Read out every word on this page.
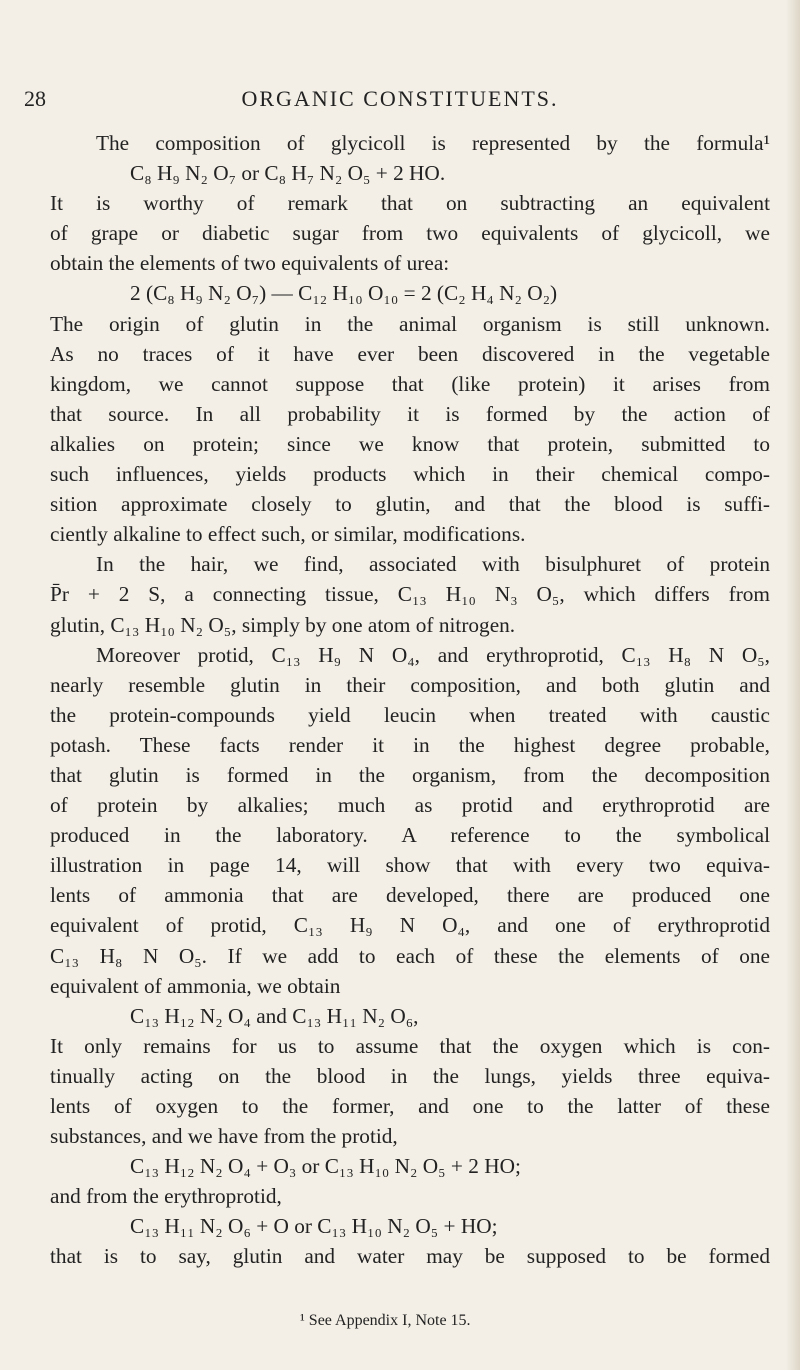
28	ORGANIC CONSTITUENTS.
The composition of glycicoll is represented by the formula¹
C₈ H₉ N₂ O₇ or C₈ H₇ N₂ O₅ + 2 HO.
It is worthy of remark that on subtracting an equivalent
of grape or diabetic sugar from two equivalents of glycicoll, we
obtain the elements of two equivalents of urea:
2 (C₈ H₉ N₂ O₇) — C₁₂ H₁₀ O₁₀ = 2 (C₂ H₄ N₂ O₂)
The origin of glutin in the animal organism is still unknown.
As no traces of it have ever been discovered in the vegetable
kingdom, we cannot suppose that (like protein) it arises from
that source. In all probability it is formed by the action of
alkalies on protein; since we know that protein, submitted to
such influences, yields products which in their chemical compo-
sition approximate closely to glutin, and that the blood is suffi-
ciently alkaline to effect such, or similar, modifications.
In the hair, we find, associated with bisulphuret of protein
P̄r + 2 S, a connecting tissue, C₁₃ H₁₀ N₃ O₅, which differs from
glutin, C₁₃ H₁₀ N₂ O₅, simply by one atom of nitrogen.
Moreover protid, C₁₃ H₉ N O₄, and erythroprotid, C₁₃ H₈ N O₅,
nearly resemble glutin in their composition, and both glutin and
the protein-compounds yield leucin when treated with caustic
potash. These facts render it in the highest degree probable,
that glutin is formed in the organism, from the decomposition
of protein by alkalies; much as protid and erythroprotid are
produced in the laboratory. A reference to the symbolical
illustration in page 14, will show that with every two equiva-
lents of ammonia that are developed, there are produced one
equivalent of protid, C₁₃ H₉ N O₄, and one of erythroprotid
C₁₃ H₈ N O₅. If we add to each of these the elements of one
equivalent of ammonia, we obtain
C₁₃ H₁₂ N₂ O₄ and C₁₃ H₁₁ N₂ O₆,
It only remains for us to assume that the oxygen which is con-
tinually acting on the blood in the lungs, yields three equiva-
lents of oxygen to the former, and one to the latter of these
substances, and we have from the protid,
C₁₃ H₁₂ N₂ O₄ + O₃ or C₁₃ H₁₀ N₂ O₅ + 2 HO;
and from the erythroprotid,
C₁₃ H₁₁ N₂ O₆ + O or C₁₃ H₁₀ N₂ O₅ + HO;
that is to say, glutin and water may be supposed to be formed
¹ See Appendix I, Note 15.
